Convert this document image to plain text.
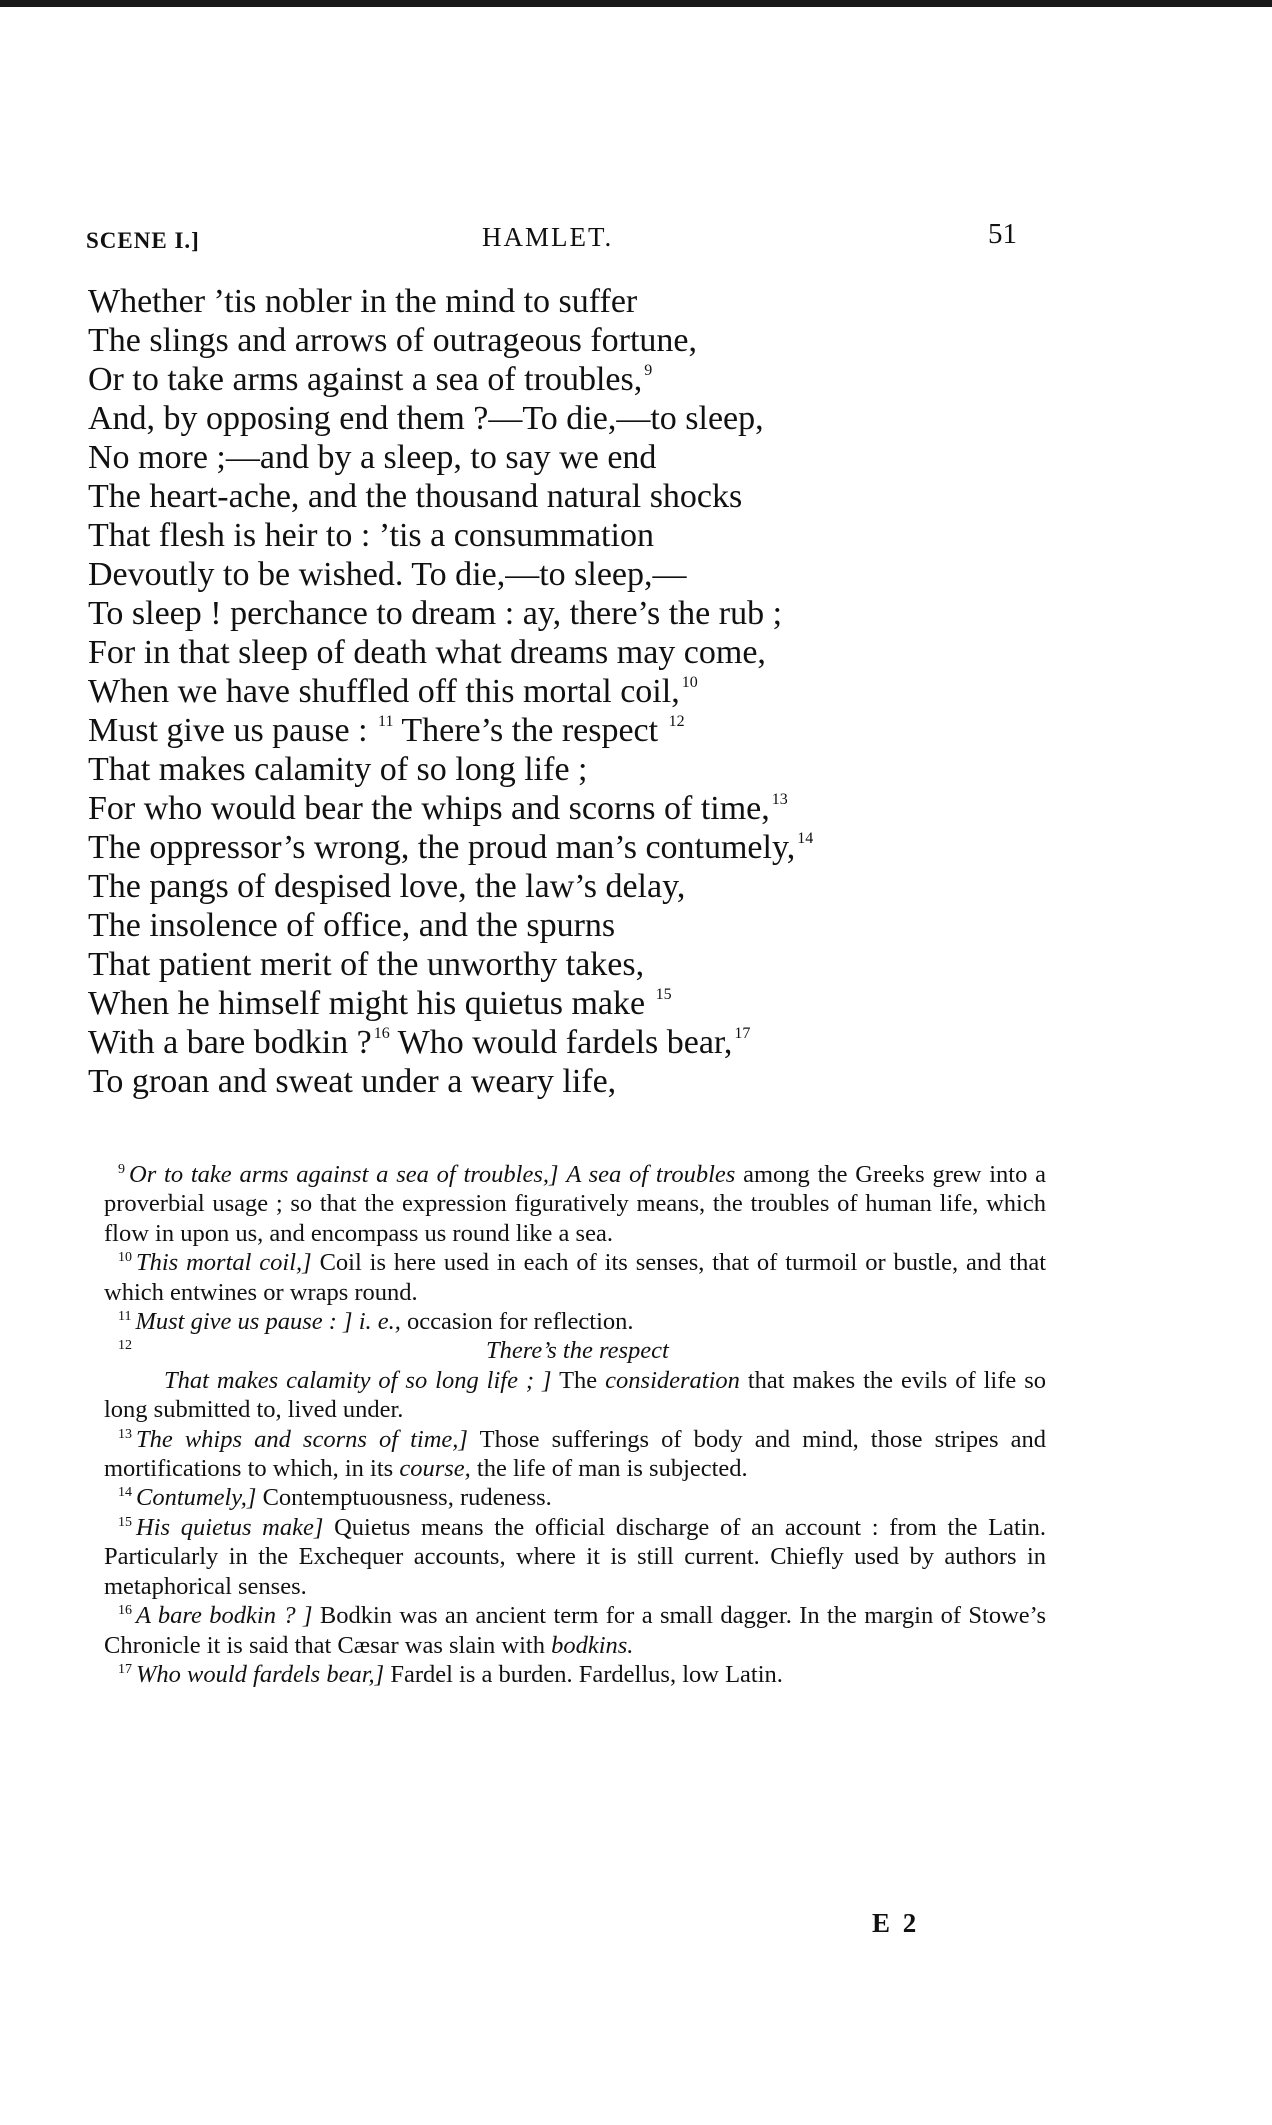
SCENE I.]	HAMLET.	51
Whether ’tis nobler in the mind to suffer
The slings and arrows of outrageous fortune,
Or to take arms against a sea of troubles, $^9$
And, by opposing end them ?—To die,—to sleep,
No more ;—and by a sleep, to say we end
The heart-ache, and the thousand natural shocks
That flesh is heir to : ’tis a consummation
Devoutly to be wished. To die,—to sleep,—
To sleep ! perchance to dream : ay, there’s the rub ;
For in that sleep of death what dreams may come,
When we have shuffled off this mortal coil, $^{10}$
Must give us pause : $^{11}$ There’s the respect $^{12}$
That makes calamity of so long life ;
For who would bear the whips and scorns of time, $^{13}$
The oppressor’s wrong, the proud man’s contumely, $^{14}$
The pangs of despised love, the law’s delay,
The insolence of office, and the spurns
That patient merit of the unworthy takes,
When he himself might his quietus make $^{15}$
With a bare bodkin ? $^{16}$ Who would fardels bear, $^{17}$
To groan and sweat under a weary life,

$^9$ Or to take arms against a sea of troubles,] A sea of troubles among the Greeks grew into a proverbial usage ; so that the expression figuratively means, the troubles of human life, which flow in upon us, and encompass us round like a sea.

$^{10}$ This mortal coil,] Coil is here used in each of its senses, that of turmoil or bustle, and that which entwines or wraps round.

$^{11}$ Must give us pause : ] i. e., occasion for reflection.

$^{12}$	There’s the respect

That makes calamity of so long life ; ] The consideration that makes the evils of life so long submitted to, lived under.

$^{13}$ The whips and scorns of time,] Those sufferings of body and mind, those stripes and mortifications to which, in its course, the life of man is subjected.

$^{14}$ Contumely,] Contemptuousness, rudeness.

$^{15}$ His quietus make] Quietus means the official discharge of an account : from the Latin. Particularly in the Exchequer accounts, where it is still current. Chiefly used by authors in metaphorical senses.

$^{16}$ A bare bodkin ? ] Bodkin was an ancient term for a small dagger. In the margin of Stowe’s Chronicle it is said that Cæsar was slain with bodkins.

$^{17}$ Who would fardels bear,] Fardel is a burden. Fardellus, low Latin.

E 2
